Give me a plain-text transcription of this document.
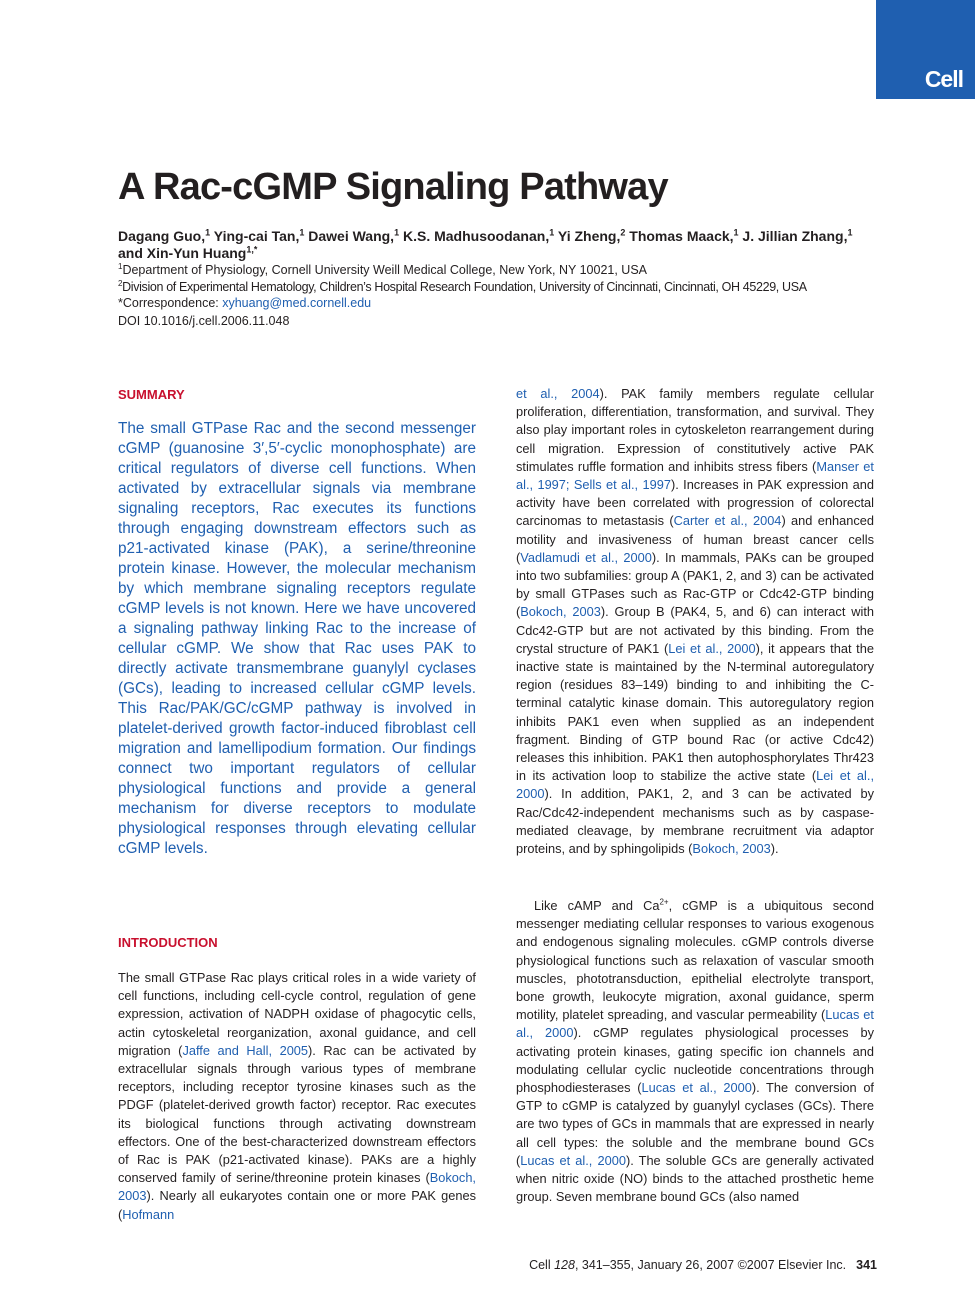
Cell
A Rac-cGMP Signaling Pathway
Dagang Guo,$^1$ Ying-cai Tan,$^1$ Dawei Wang,$^1$ K.S. Madhusoodanan,$^1$ Yi Zheng,$^2$ Thomas Maack,$^1$ J. Jillian Zhang,$^1$
and Xin-Yun Huang$^{1,*}$
$^1$Department of Physiology, Cornell University Weill Medical College, New York, NY 10021, USA
$^2$Division of Experimental Hematology, Children’s Hospital Research Foundation, University of Cincinnati, Cincinnati, OH 45229, USA
*Correspondence: xyhuang@med.cornell.edu
DOI 10.1016/j.cell.2006.11.048
SUMMARY

The small GTPase Rac and the second messenger cGMP (guanosine 3′,5′-cyclic monophosphate) are critical regulators of diverse cell functions. When activated by extracellular signals via membrane signaling receptors, Rac executes its functions through engaging downstream effectors such as p21-activated kinase (PAK), a serine/threonine protein kinase. However, the molecular mechanism by which membrane signaling receptors regulate cGMP levels is not known. Here we have uncovered a signaling pathway linking Rac to the increase of cellular cGMP. We show that Rac uses PAK to directly activate transmembrane guanylyl cyclases (GCs), leading to increased cellular cGMP levels. This Rac/PAK/GC/cGMP pathway is involved in platelet-derived growth factor-induced fibroblast cell migration and lamellipodium formation. Our findings connect two important regulators of cellular physiological functions and provide a general mechanism for diverse receptors to modulate physiological responses through elevating cellular cGMP levels.

INTRODUCTION

The small GTPase Rac plays critical roles in a wide variety of cell functions, including cell-cycle control, regulation of gene expression, activation of NADPH oxidase of phagocytic cells, actin cytoskeletal reorganization, axonal guidance, and cell migration (Jaffe and Hall, 2005). Rac can be activated by extracellular signals through various types of membrane receptors, including receptor tyrosine kinases such as the PDGF (platelet-derived growth factor) receptor. Rac executes its biological functions through activating downstream effectors. One of the best-characterized downstream effectors of Rac is PAK (p21-activated kinase). PAKs are a highly conserved family of serine/threonine protein kinases (Bokoch, 2003). Nearly all eukaryotes contain one or more PAK genes (Hofmann

et al., 2004). PAK family members regulate cellular proliferation, differentiation, transformation, and survival. They also play important roles in cytoskeleton rearrangement during cell migration. Expression of constitutively active PAK stimulates ruffle formation and inhibits stress fibers (Manser et al., 1997; Sells et al., 1997). Increases in PAK expression and activity have been correlated with progression of colorectal carcinomas to metastasis (Carter et al., 2004) and enhanced motility and invasiveness of human breast cancer cells (Vadlamudi et al., 2000). In mammals, PAKs can be grouped into two subfamilies: group A (PAK1, 2, and 3) can be activated by small GTPases such as Rac-GTP or Cdc42-GTP binding (Bokoch, 2003). Group B (PAK4, 5, and 6) can interact with Cdc42-GTP but are not activated by this binding. From the crystal structure of PAK1 (Lei et al., 2000), it appears that the inactive state is maintained by the N-terminal autoregulatory region (residues 83–149) binding to and inhibiting the C-terminal catalytic kinase domain. This autoregulatory region inhibits PAK1 even when supplied as an independent fragment. Binding of GTP bound Rac (or active Cdc42) releases this inhibition. PAK1 then autophosphorylates Thr423 in its activation loop to stabilize the active state (Lei et al., 2000). In addition, PAK1, 2, and 3 can be activated by Rac/Cdc42-independent mechanisms such as by caspase-mediated cleavage, by membrane recruitment via adaptor proteins, and by sphingolipids (Bokoch, 2003).

Like cAMP and $Ca^{2+}$, cGMP is a ubiquitous second messenger mediating cellular responses to various exogenous and endogenous signaling molecules. cGMP controls diverse physiological functions such as relaxation of vascular smooth muscles, phototransduction, epithelial electrolyte transport, bone growth, leukocyte migration, axonal guidance, sperm motility, platelet spreading, and vascular permeability (Lucas et al., 2000). cGMP regulates physiological processes by activating protein kinases, gating specific ion channels and modulating cellular cyclic nucleotide concentrations through phosphodiesterases (Lucas et al., 2000). The conversion of GTP to cGMP is catalyzed by guanylyl cyclases (GCs). There are two types of GCs in mammals that are expressed in nearly all cell types: the soluble and the membrane bound GCs (Lucas et al., 2000). The soluble GCs are generally activated when nitric oxide (NO) binds to the attached prosthetic heme group. Seven membrane bound GCs (also named

Cell 128, 341–355, January 26, 2007 ©2007 Elsevier Inc. 341
